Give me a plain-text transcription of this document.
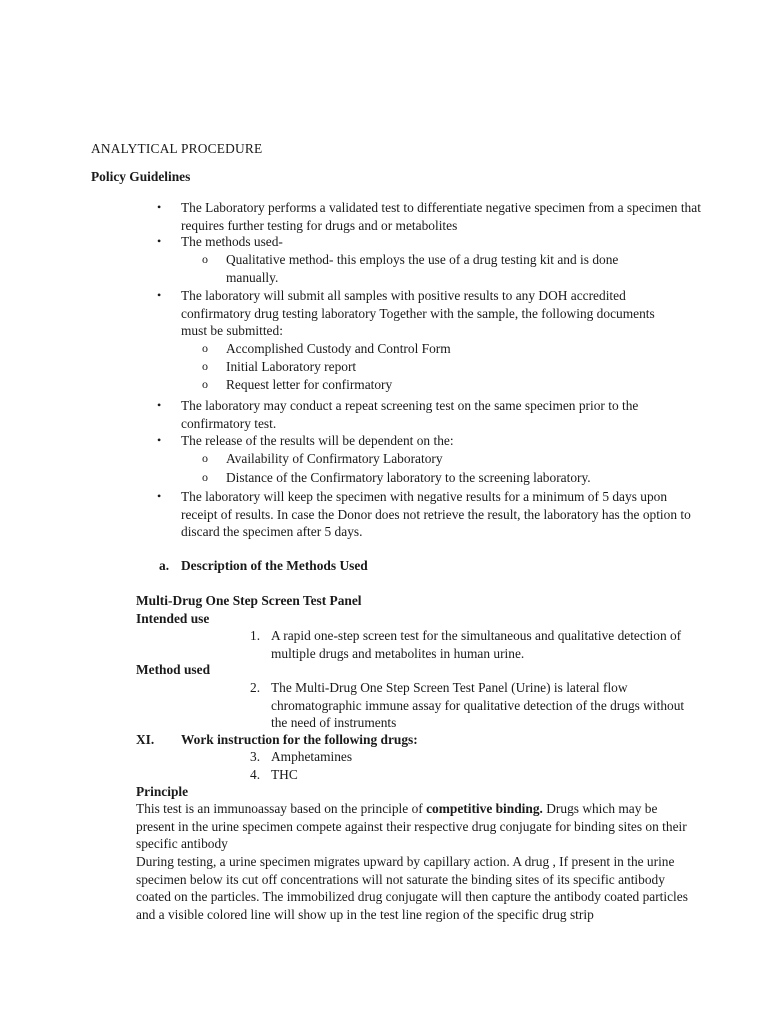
ANALYTICAL PROCEDURE
Policy Guidelines
• The Laboratory performs a validated test to differentiate negative specimen from a specimen that requires further testing for drugs and or metabolites
• The methods used-
o Qualitative method- this employs the use of a drug testing kit and is done manually.
• The laboratory will submit all samples with positive results to any DOH accredited confirmatory drug testing laboratory Together with the sample, the following documents must be submitted:
o Accomplished Custody and Control Form
o Initial Laboratory report
o Request letter for confirmatory
• The laboratory may conduct a repeat screening test on the same specimen prior to the confirmatory test.
• The release of the results will be dependent on the:
o Availability of Confirmatory Laboratory
o Distance of the Confirmatory laboratory to the screening laboratory.
• The laboratory will keep the specimen with negative results for a minimum of 5 days upon receipt of results. In case the Donor does not retrieve the result, the laboratory has the option to discard the specimen after 5 days.
a. Description of the Methods Used
Multi-Drug One Step Screen Test Panel
Intended use
1. A rapid one-step screen test for the simultaneous and qualitative detection of multiple drugs and metabolites in human urine.
Method used
2. The Multi-Drug One Step Screen Test Panel (Urine) is lateral flow chromatographic immune assay for qualitative detection of the drugs without the need of instruments
XI. Work instruction for the following drugs:
3. Amphetamines
4. THC
Principle
This test is an immunoassay based on the principle of competitive binding. Drugs which may be present in the urine specimen compete against their respective drug conjugate for binding sites on their specific antibody
During testing, a urine specimen migrates upward by capillary action. A drug , If present in the urine specimen below its cut off concentrations will not saturate the binding sites of its specific antibody coated on the particles. The immobilized drug conjugate will then capture the antibody coated particles and a visible colored line will show up in the test line region of the specific drug strip
